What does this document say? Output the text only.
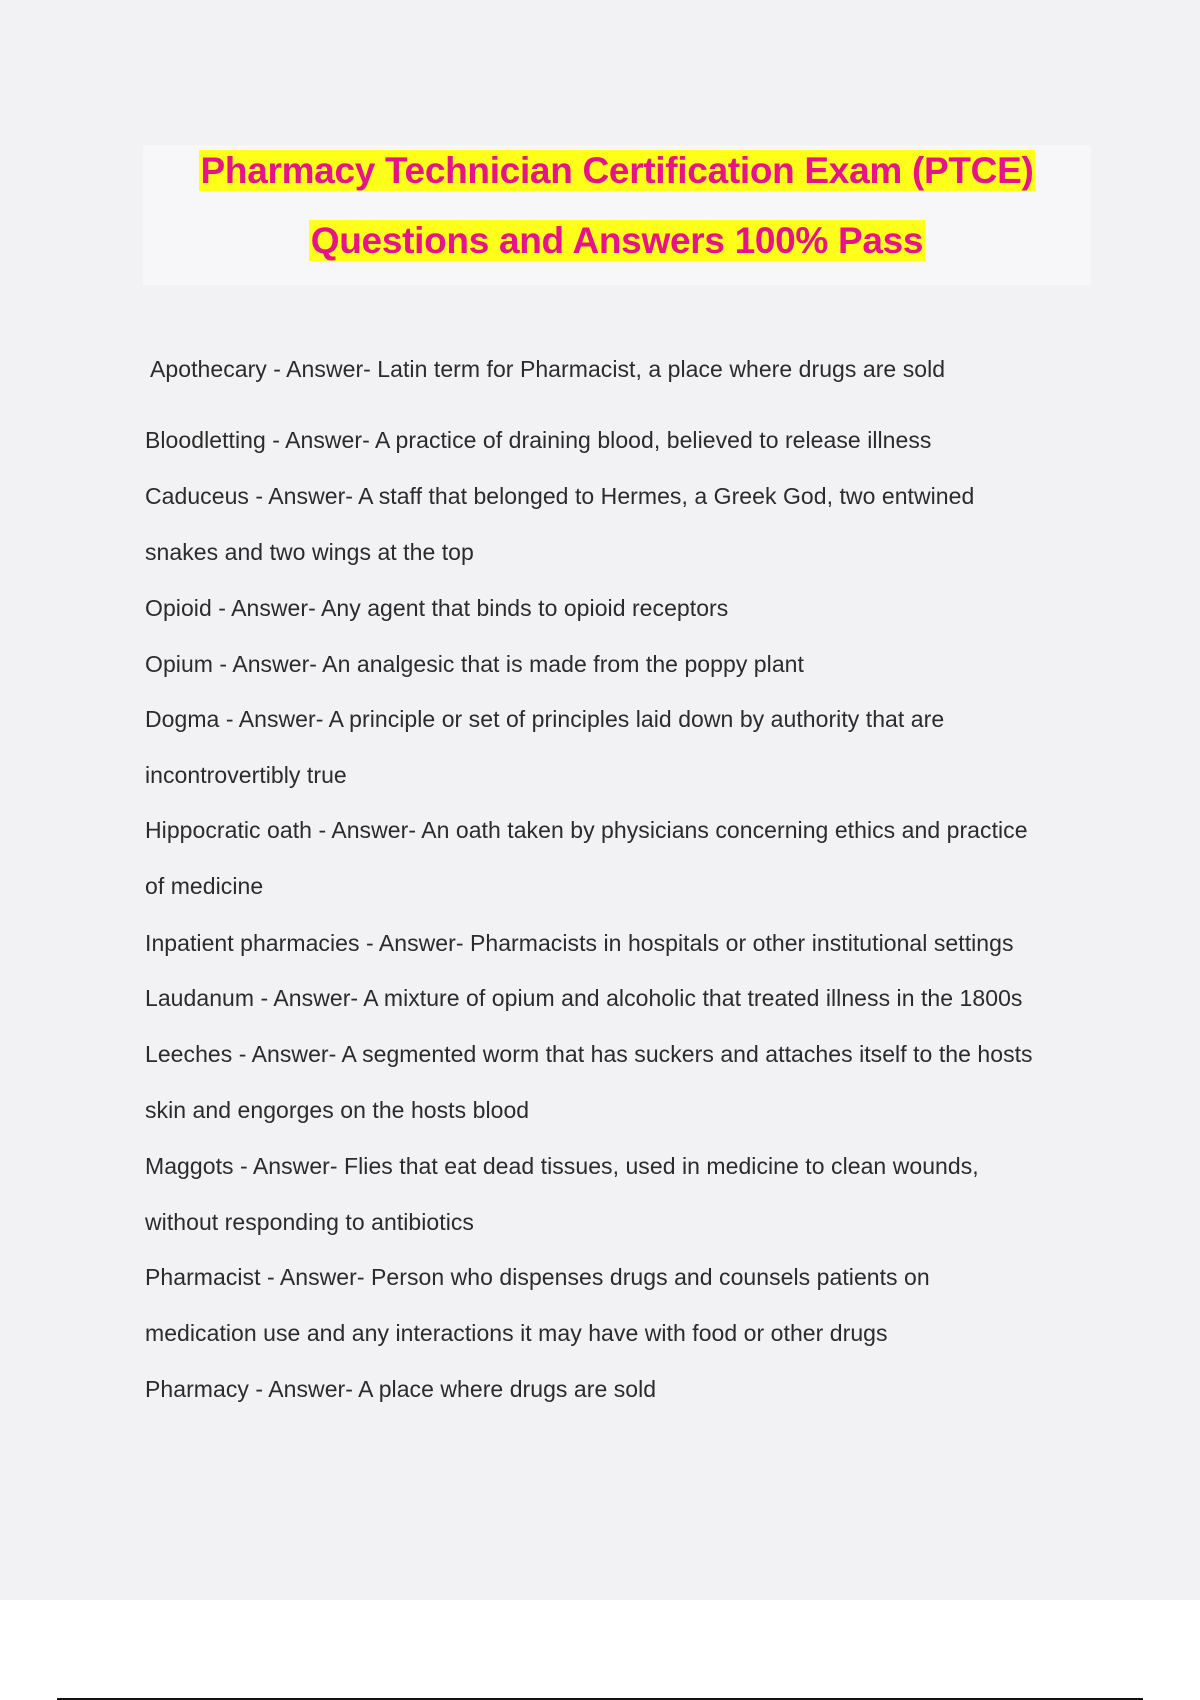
Pharmacy Technician Certification Exam (PTCE)
Questions and Answers 100% Pass
Apothecary - Answer- Latin term for Pharmacist, a place where drugs are sold
Bloodletting - Answer- A practice of draining blood, believed to release illness
Caduceus - Answer- A staff that belonged to Hermes, a Greek God, two entwined
snakes and two wings at the top
Opioid - Answer- Any agent that binds to opioid receptors
Opium - Answer- An analgesic that is made from the poppy plant
Dogma - Answer- A principle or set of principles laid down by authority that are
incontrovertibly true
Hippocratic oath - Answer- An oath taken by physicians concerning ethics and practice
of medicine
Inpatient pharmacies - Answer- Pharmacists in hospitals or other institutional settings
Laudanum - Answer- A mixture of opium and alcoholic that treated illness in the 1800s
Leeches - Answer- A segmented worm that has suckers and attaches itself to the hosts
skin and engorges on the hosts blood
Maggots - Answer- Flies that eat dead tissues, used in medicine to clean wounds,
without responding to antibiotics
Pharmacist - Answer- Person who dispenses drugs and counsels patients on
medication use and any interactions it may have with food or other drugs
Pharmacy - Answer- A place where drugs are sold
